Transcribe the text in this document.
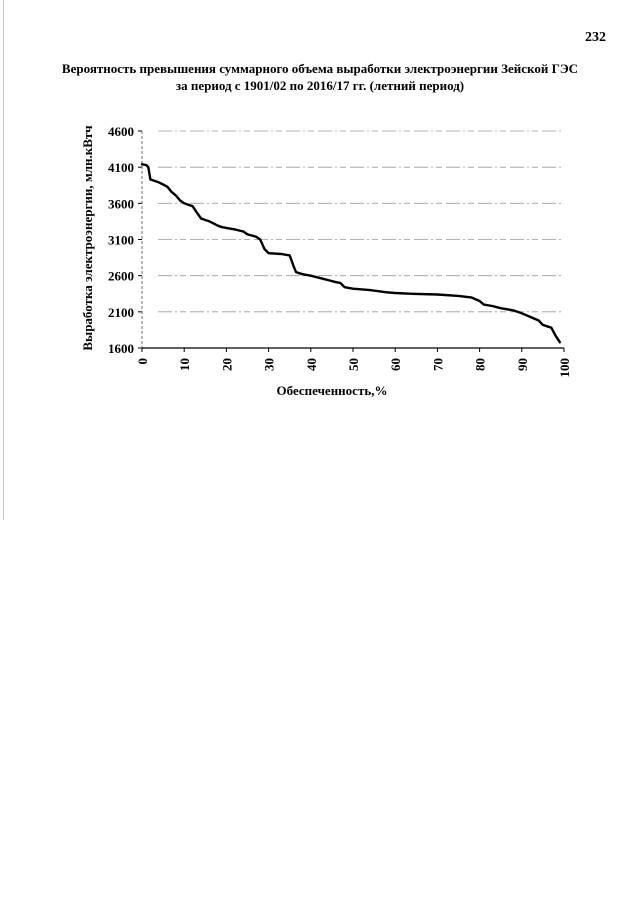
232
Вероятность превышения суммарного объема выработки электроэнергии Зейской ГЭС
за период с 1901/02 по 2016/17 гг. (летний период)
4600
4100
3600
3100
2600
2100
1600
0 10 20 30 40 50 60 70 80 90 100
Обеспеченность,%
Выработка электроэнергии, млн.кВтч
